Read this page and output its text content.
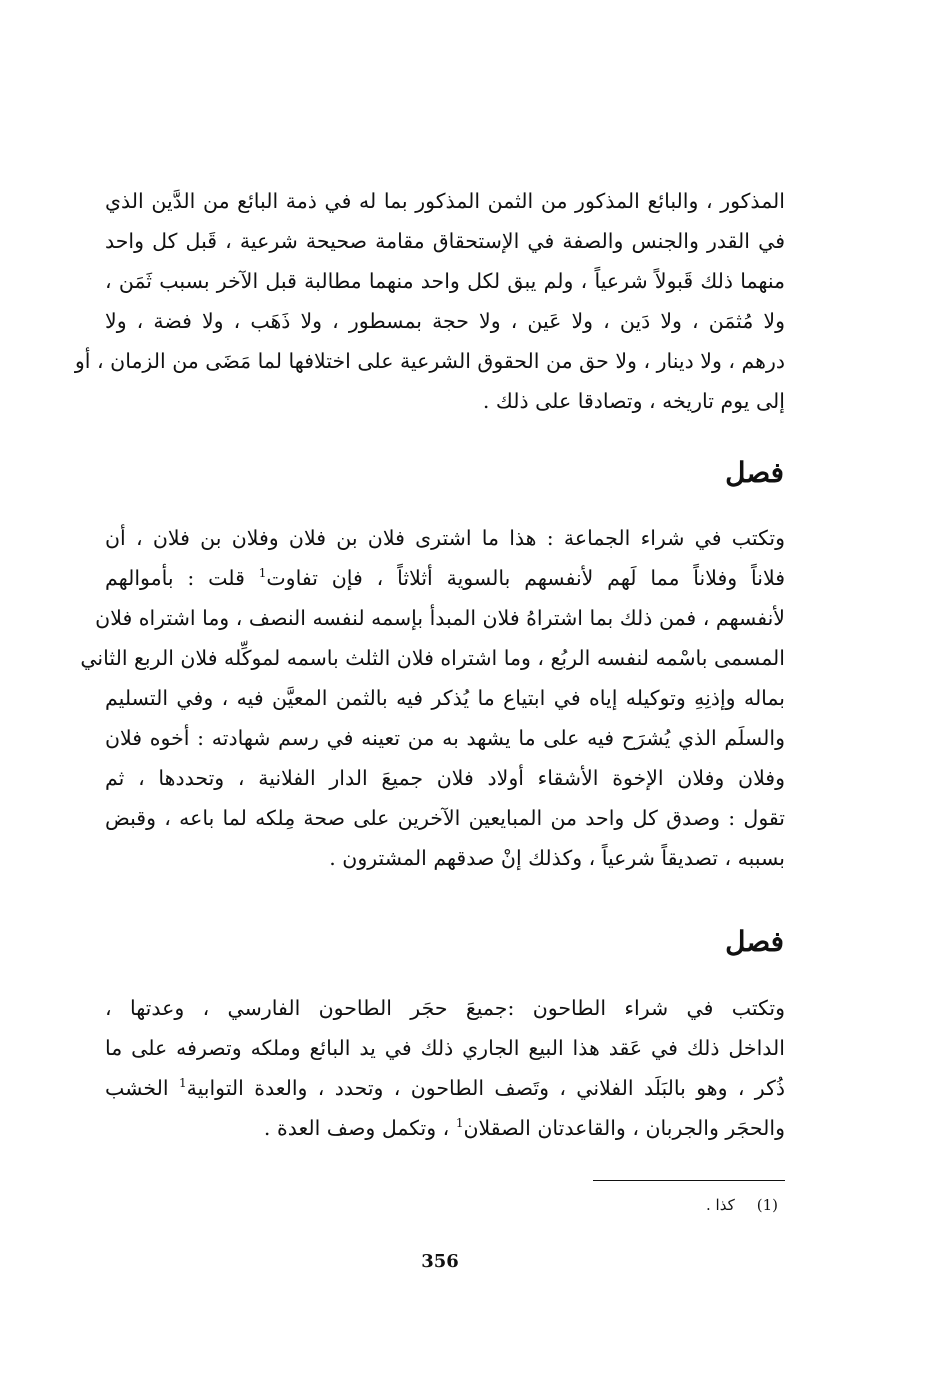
المذكور ، والبائع المذكور من الثمن المذكور بما له في ذمة البائع من الدَّين الذي
في القدر والجنس والصفة في الإستحقاق مقامة صحيحة شرعية ، قَبل كل واحد
منهما ذلك قَبولاً شرعياً ، ولم يبق لكل واحد منهما مطالبة قبل الآخر بسبب ثَمَن ،
ولا مُثمَن ، ولا دَين ، ولا عَين ، ولا حجة بمسطور ، ولا ذَهَب ، ولا فضة ، ولا
درهم ، ولا دينار ، ولا حق من الحقوق الشرعية على اختلافها لما مَضَى من الزمان ، أو
إلى يوم تاريخه ، وتصادقا على ذلك .
فصل
وتكتب في شراء الجماعة : هذا ما اشترى فلان بن فلان وفلان بن فلان ، أن
فلاناً وفلاناً مما لَهم لأنفسهم بالسوية أثلاثاً ، فإن تفاوت$^1$ قلت : بأموالهم
لأنفسهم ، فمن ذلك بما اشتراهُ فلان المبدأ بإسمه لنفسه النصف ، وما اشتراه فلان
المسمى باسْمه لنفسه الربُع ، وما اشتراه فلان الثلث باسمه لموكِّله فلان الربع الثاني
بماله وإذنِهِ وتوكيله إياه في ابتياع ما يُذكر فيه بالثمن المعيَّن فيه ، وفي التسليم
والسلَم الذي يُشرَح فيه على ما يشهد به من تعينه في رسم شهادته : أخوه فلان
وفلان وفلان الإخوة الأشقاء أولاد فلان جميعَ الدار الفلانية ، وتحددها ، ثم
تقول : وصدق كل واحد من المبايعين الآخرين على صحة مِلكه لما باعه ، وقبض
بسببه ، تصديقاً شرعياً ، وكذلك إنْ صدقهم المشترون .
فصل
وتكتب في شراء الطاحون :جميعَ حجَر الطاحون الفارسي ، وعدتها ،
الداخل ذلك في عَقد هذا البيع الجاري ذلك في يد البائع وملكه وتصرفه على ما
ذُكر ، وهو بالبَلَد الفلاني ، وتَصف الطاحون ، وتحدد ، والعدة التوابية$^1$ الخشب
والحجَر والجربان ، والقاعدتان الصقلان$^1$ ، وتكمل وصف العدة .
(1)كذا .
356
